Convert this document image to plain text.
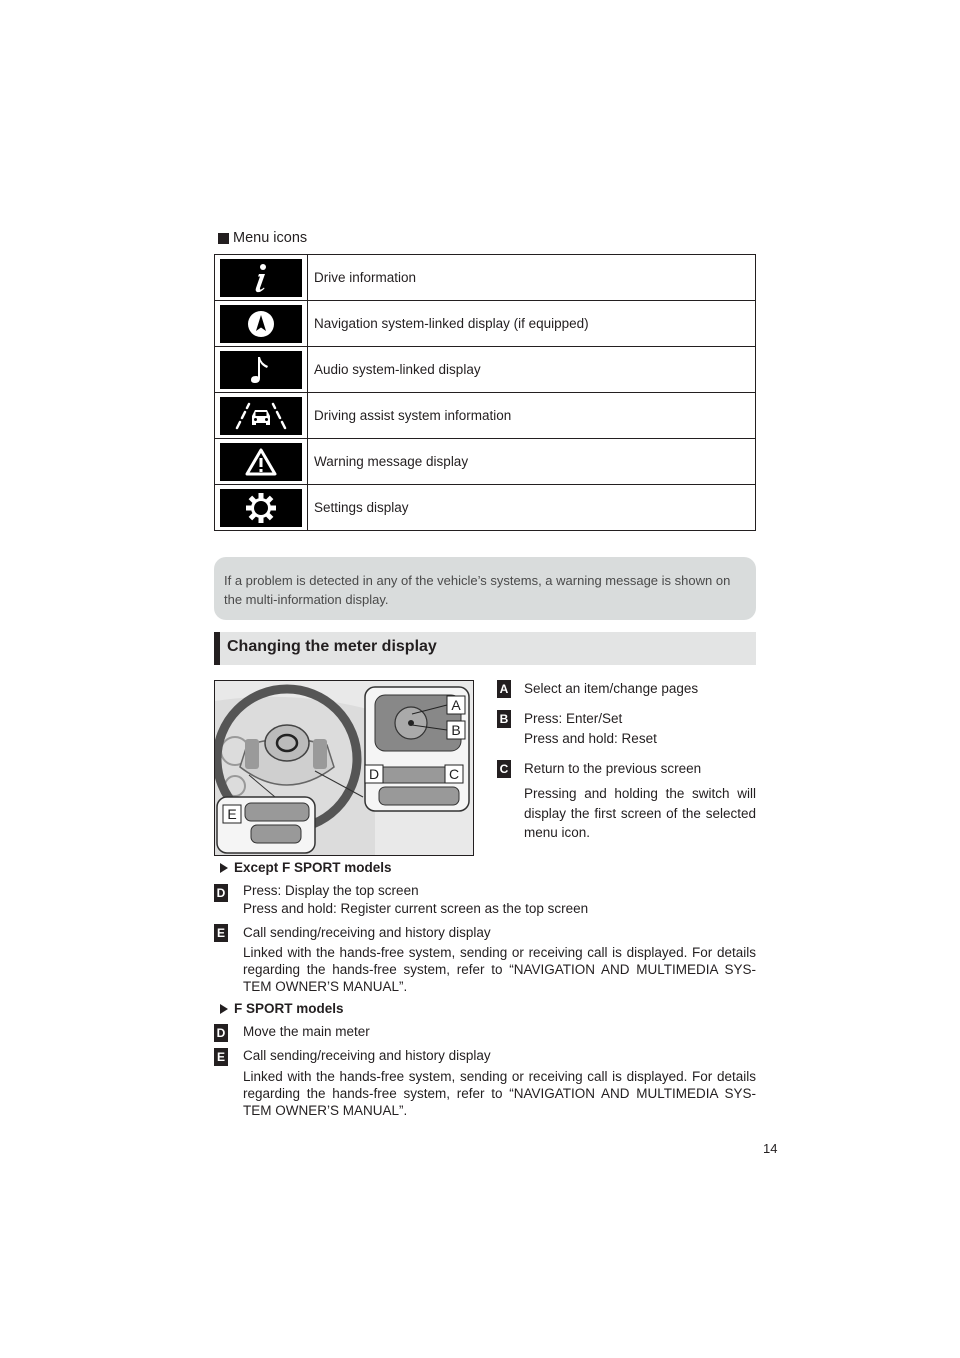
Menu icons
	Drive information

	Navigation system-linked display (if equipped)

	Audio system-linked display

	Driving assist system information

	Warning message display

	Settings display
If a problem is detected in any of the vehicle’s systems, a warning message is shown on the multi-information display.
Changing the meter display
A
B
D	C
E
A Select an item/change pages
B Press: Enter/Set
Press and hold: Reset
C Return to the previous screen
Pressing and holding the switch will display the first screen of the selected menu icon.
Except F SPORT models
D Press: Display the top screen
Press and hold: Register current screen as the top screen
E Call sending/receiving and history display
Linked with the hands-free system, sending or receiving call is displayed. For details regarding the hands-free system, refer to “NAVIGATION AND MULTIMEDIA SYS-TEM OWNER’S MANUAL”.
F SPORT models
D Move the main meter
E Call sending/receiving and history display
Linked with the hands-free system, sending or receiving call is displayed. For details regarding the hands-free system, refer to “NAVIGATION AND MULTIMEDIA SYS-TEM OWNER’S MANUAL”.
14
